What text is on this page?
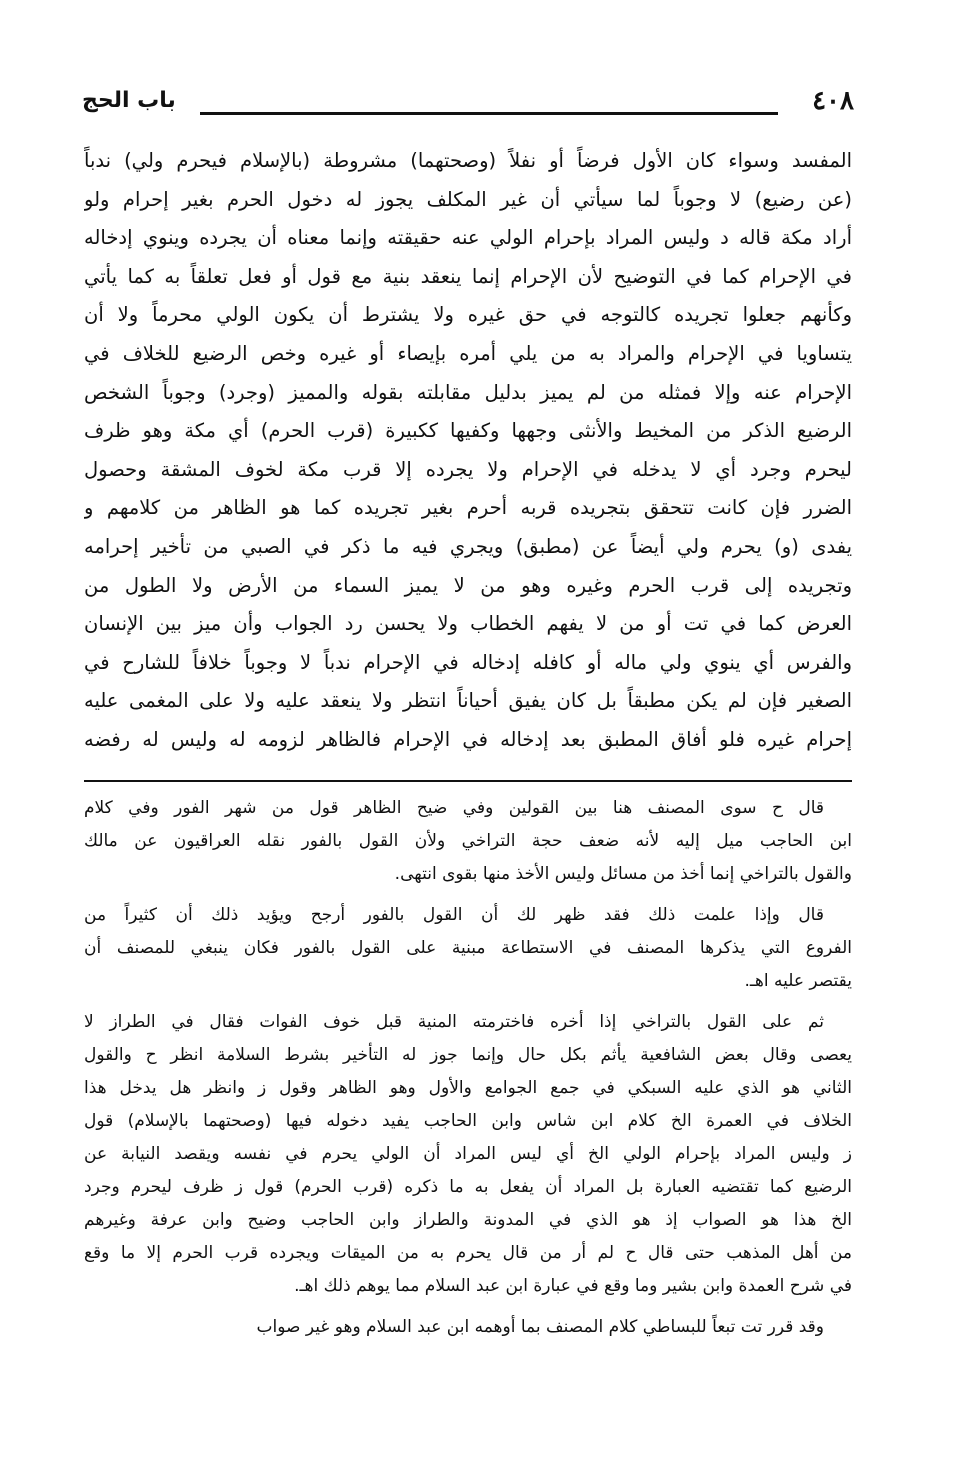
٤٠٨
باب الحج
المفسد وسواء كان الأول فرضاً أو نفلاً (وصحتهما) مشروطة (بالإسلام فيحرم ولي) ندباً
(عن رضيع) لا وجوباً لما سيأتي أن غير المكلف يجوز له دخول الحرم بغير إحرام ولو
أراد مكة قاله د وليس المراد بإحرام الولي عنه حقيقته وإنما معناه أن يجرده وينوي إدخاله
في الإحرام كما في التوضيح لأن الإحرام إنما ينعقد بنية مع قول أو فعل تعلقاً به كما يأتي
وكأنهم جعلوا تجريده كالتوجه في حق غيره ولا يشترط أن يكون الولي محرماً ولا أن
يتساويا في الإحرام والمراد به من يلي أمره بإيصاء أو غيره وخص الرضيع للخلاف في
الإحرام عنه وإلا فمثله من لم يميز بدليل مقابلته بقوله والمميز (وجرد) وجوباً الشخص
الرضيع الذكر من المخيط والأنثى وجهها وكفيها ككبيرة (قرب الحرم) أي مكة وهو ظرف
ليحرم وجرد أي لا يدخله في الإحرام ولا يجرده إلا قرب مكة لخوف المشقة وحصول
الضرر فإن كانت تتحقق بتجريده قربه أحرم بغير تجريده كما هو الظاهر من كلامهم و
يفدى (و) يحرم ولي أيضاً عن (مطبق) ويجري فيه ما ذكر في الصبي من تأخير إحرامه
وتجريده إلى قرب الحرم وغيره وهو من لا يميز السماء من الأرض ولا الطول من
العرض كما في تت أو من لا يفهم الخطاب ولا يحسن رد الجواب وأن ميز بين الإنسان
والفرس أي ينوي ولي ماله أو كافله إدخاله في الإحرام ندباً لا وجوباً خلافاً للشارح في
الصغير فإن لم يكن مطبقاً بل كان يفيق أحياناً انتظر ولا ينعقد عليه ولا على المغمى عليه
إحرام غيره فلو أفاق المطبق بعد إدخاله في الإحرام فالظاهر لزومه له وليس له رفضه
قال ح سوى المصنف هنا بين القولين وفي ضيح الظاهر قول من شهر الفور وفي كلام
ابن الحاجب ميل إليه لأنه ضعف حجة التراخي ولأن القول بالفور نقله العراقيون عن مالك
والقول بالتراخي إنما أخذ من مسائل وليس الأخذ منها بقوى انتهى.
قال وإذا علمت ذلك فقد ظهر لك أن القول بالفور أرجح ويؤيد ذلك أن كثيراً من
الفروع التي يذكرها المصنف في الاستطاعة مبنية على القول بالفور فكان ينبغي للمصنف أن
يقتصر عليه اهـ.
ثم على القول بالتراخي إذا أخره فاخترمته المنية قبل خوف الفوات فقال في الطراز لا
يعصى وقال بعض الشافعية يأثم بكل حال وإنما جوز له التأخير بشرط السلامة انظر ح والقول
الثاني هو الذي عليه السبكي في جمع الجوامع والأول وهو الظاهر وقول ز وانظر هل يدخل هذا
الخلاف في العمرة الخ كلام ابن شاس وابن الحاجب يفيد دخوله فيها (وصحتهما بالإسلام) قول
ز وليس المراد بإحرام الولي الخ أي ليس المراد أن الولي يحرم في نفسه ويقصد النيابة عن
الرضيع كما تقتضيه العبارة بل المراد أن يفعل به ما ذكره (قرب الحرم) قول ز ظرف ليحرم وجرد
الخ هذا هو الصواب إذ هو الذي في المدونة والطراز وابن الحاجب وضيح وابن عرفة وغيرهم
من أهل المذهب حتى قال ح لم أر من قال يحرم به من الميقات ويجرده قرب الحرم إلا ما وقع
في شرح العمدة وابن بشير وما وقع في عبارة ابن عبد السلام مما يوهم ذلك اهـ.
وقد قرر تت تبعاً للبساطي كلام المصنف بما أوهمه ابن عبد السلام وهو غير صواب
